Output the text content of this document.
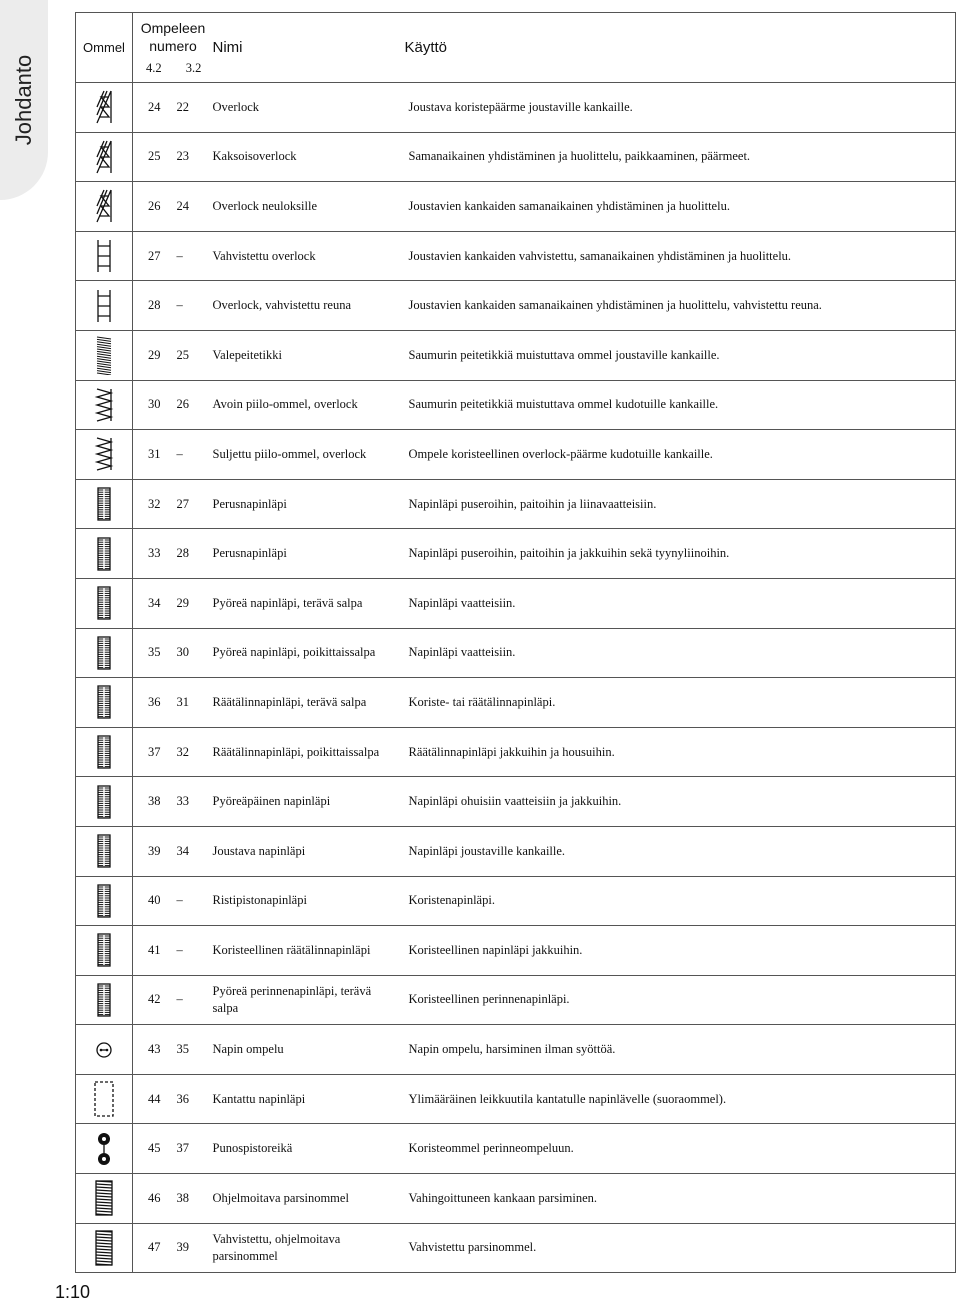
Johdanto
Ommel	Ompeleen numero
4.2 3.2		Nimi	Käyttö

	24	22	Overlock	Joustava koristepäärme joustaville kankaille.

	25	23	Kaksoisoverlock	Samanaikainen yhdistäminen ja huolittelu, paikkaaminen, päärmeet.

	26	24	Overlock neuloksille	Joustavien kankaiden samanaikainen yhdistäminen ja huolittelu.

	27	–	Vahvistettu overlock	Joustavien kankaiden vahvistettu, samanaikainen yhdistäminen ja huolittelu.

	28	–	Overlock, vahvistettu reuna	Joustavien kankaiden samanaikainen yhdistäminen ja huolittelu, vahvistettu reuna.

	29	25	Valepeitetikki	Saumurin peitetikkiä muistuttava ommel joustaville kankaille.

	30	26	Avoin piilo-ommel, overlock	Saumurin peitetikkiä muistuttava ommel kudotuille kankaille.

	31	–	Suljettu piilo-ommel, overlock	Ompele koristeellinen overlock-päärme kudotuille kankaille.

	32	27	Perusnapinläpi	Napinläpi puseroihin, paitoihin ja liinavaatteisiin.

	33	28	Perusnapinläpi	Napinläpi puseroihin, paitoihin ja jakkuihin sekä tyynyliinoihin.

	34	29	Pyöreä napinläpi, terävä salpa	Napinläpi vaatteisiin.

	35	30	Pyöreä napinläpi, poikittaissalpa	Napinläpi vaatteisiin.

	36	31	Räätälinnapinläpi, terävä salpa	Koriste- tai räätälinnapinläpi.

	37	32	Räätälinnapinläpi, poikittaissalpa	Räätälinnapinläpi jakkuihin ja housuihin.

	38	33	Pyöreäpäinen napinläpi	Napinläpi ohuisiin vaatteisiin ja jakkuihin.

	39	34	Joustava napinläpi	Napinläpi joustaville kankaille.

	40	–	Ristipistonapinläpi	Koristenapinläpi.

	41	–	Koristeellinen räätälinnapinläpi	Koristeellinen napinläpi jakkuihin.

	42	–	Pyöreä perinnenapinläpi, terävä salpa	Koristeellinen perinnenapinläpi.

	43	35	Napin ompelu	Napin ompelu, harsiminen ilman syöttöä.

	44	36	Kantattu napinläpi	Ylimääräinen leikkuutila kantatulle napinlävelle (suoraommel).

	45	37	Punospistoreikä	Koristeommel perinneompeluun.

	46	38	Ohjelmoitava parsinommel	Vahingoittuneen kankaan parsiminen.

	47	39	Vahvistettu, ohjelmoitava parsinommel	Vahvistettu parsinommel.
1:10
